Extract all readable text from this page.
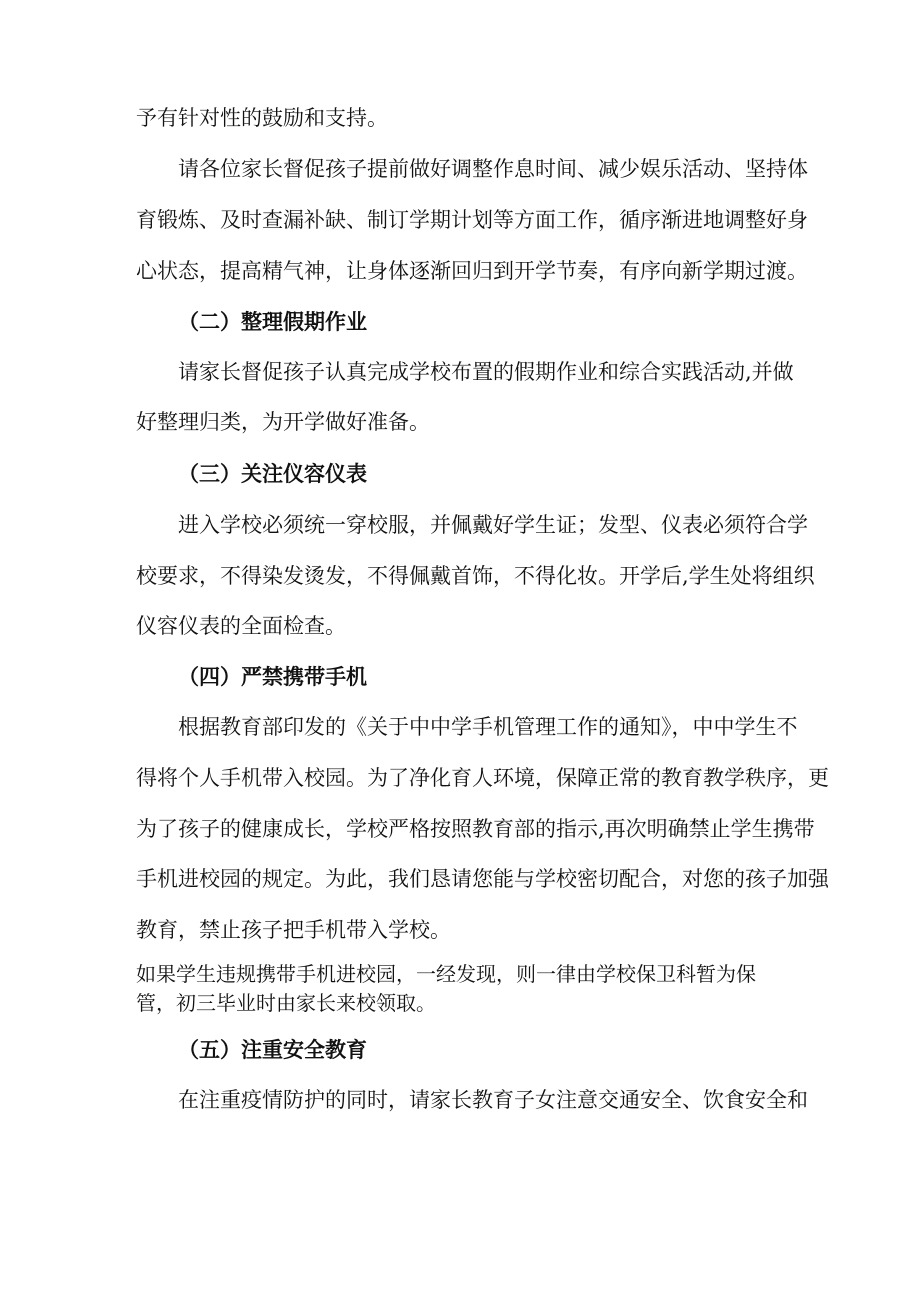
予有针对性的鼓励和支持。
请各位家长督促孩子提前做好调整作息时间、减少娱乐活动、坚持体
育锻炼、及时查漏补缺、制订学期计划等方面工作，循序渐进地调整好身
心状态，提高精气神，让身体逐渐回归到开学节奏，有序向新学期过渡。
（二）整理假期作业
请家长督促孩子认真完成学校布置的假期作业和综合实践活动,并做
好整理归类，为开学做好准备。
（三）关注仪容仪表
进入学校必须统一穿校服，并佩戴好学生证；发型、仪表必须符合学
校要求，不得染发烫发，不得佩戴首饰，不得化妆。开学后,学生处将组织
仪容仪表的全面检查。
（四）严禁携带手机
根据教育部印发的《关于中中学手机管理工作的通知》，中中学生不
得将个人手机带入校园。为了净化育人环境，保障正常的教育教学秩序，更
为了孩子的健康成长，学校严格按照教育部的指示,再次明确禁止学生携带
手机进校园的规定。为此，我们恳请您能与学校密切配合，对您的孩子加强
教育，禁止孩子把手机带入学校。
如果学生违规携带手机进校园，一经发现，则一律由学校保卫科暂为保
管，初三毕业时由家长来校领取。
（五）注重安全教育
在注重疫情防护的同时，请家长教育子女注意交通安全、饮食安全和
